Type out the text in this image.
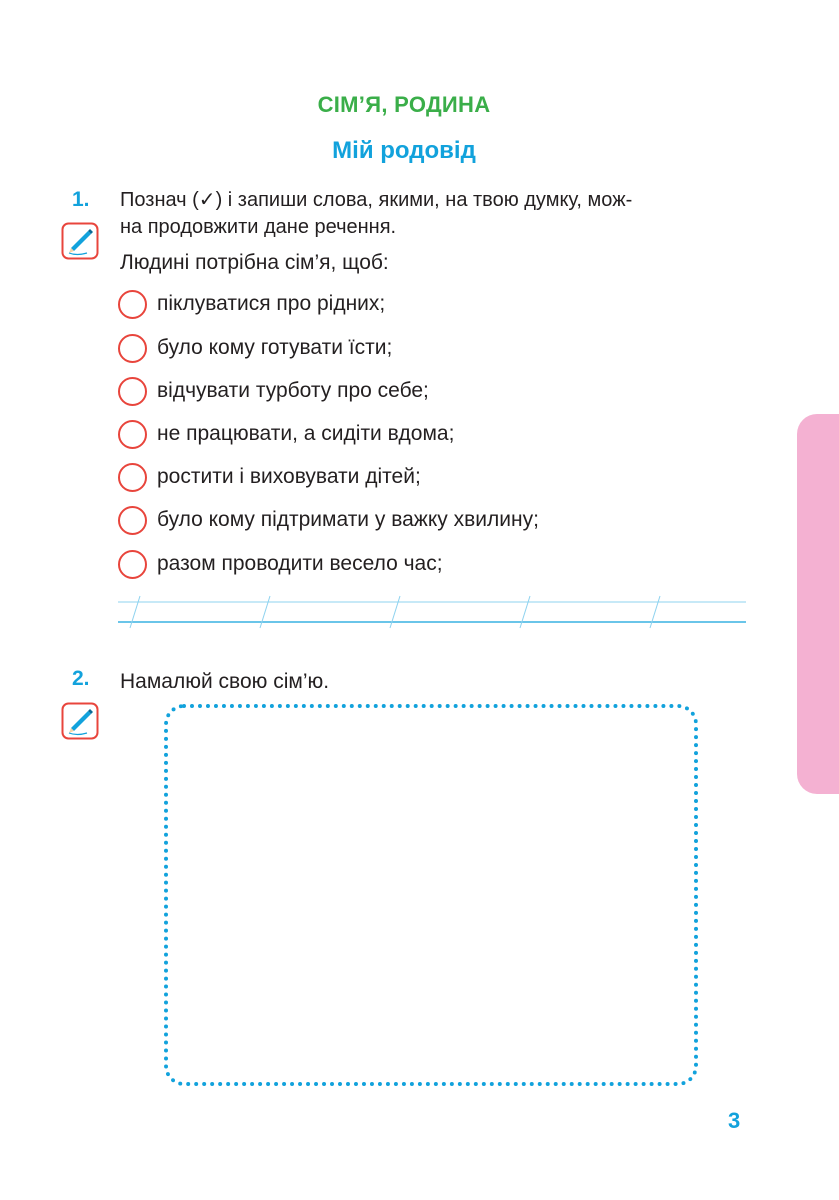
СІМ’Я, РОДИНА
Мій родовід
1. Познач (✓) і запиши слова, якими, на твою думку, мож-
на продовжити дане речення.
Людині потрібна сім’я, щоб:
піклуватися про рідних;
було кому готувати їсти;
відчувати турботу про себе;
не працювати, а сидіти вдома;
ростити і виховувати дітей;
було кому підтримати у важку хвилину;
разом проводити весело час;
2. Намалюй свою сім’ю.
3
